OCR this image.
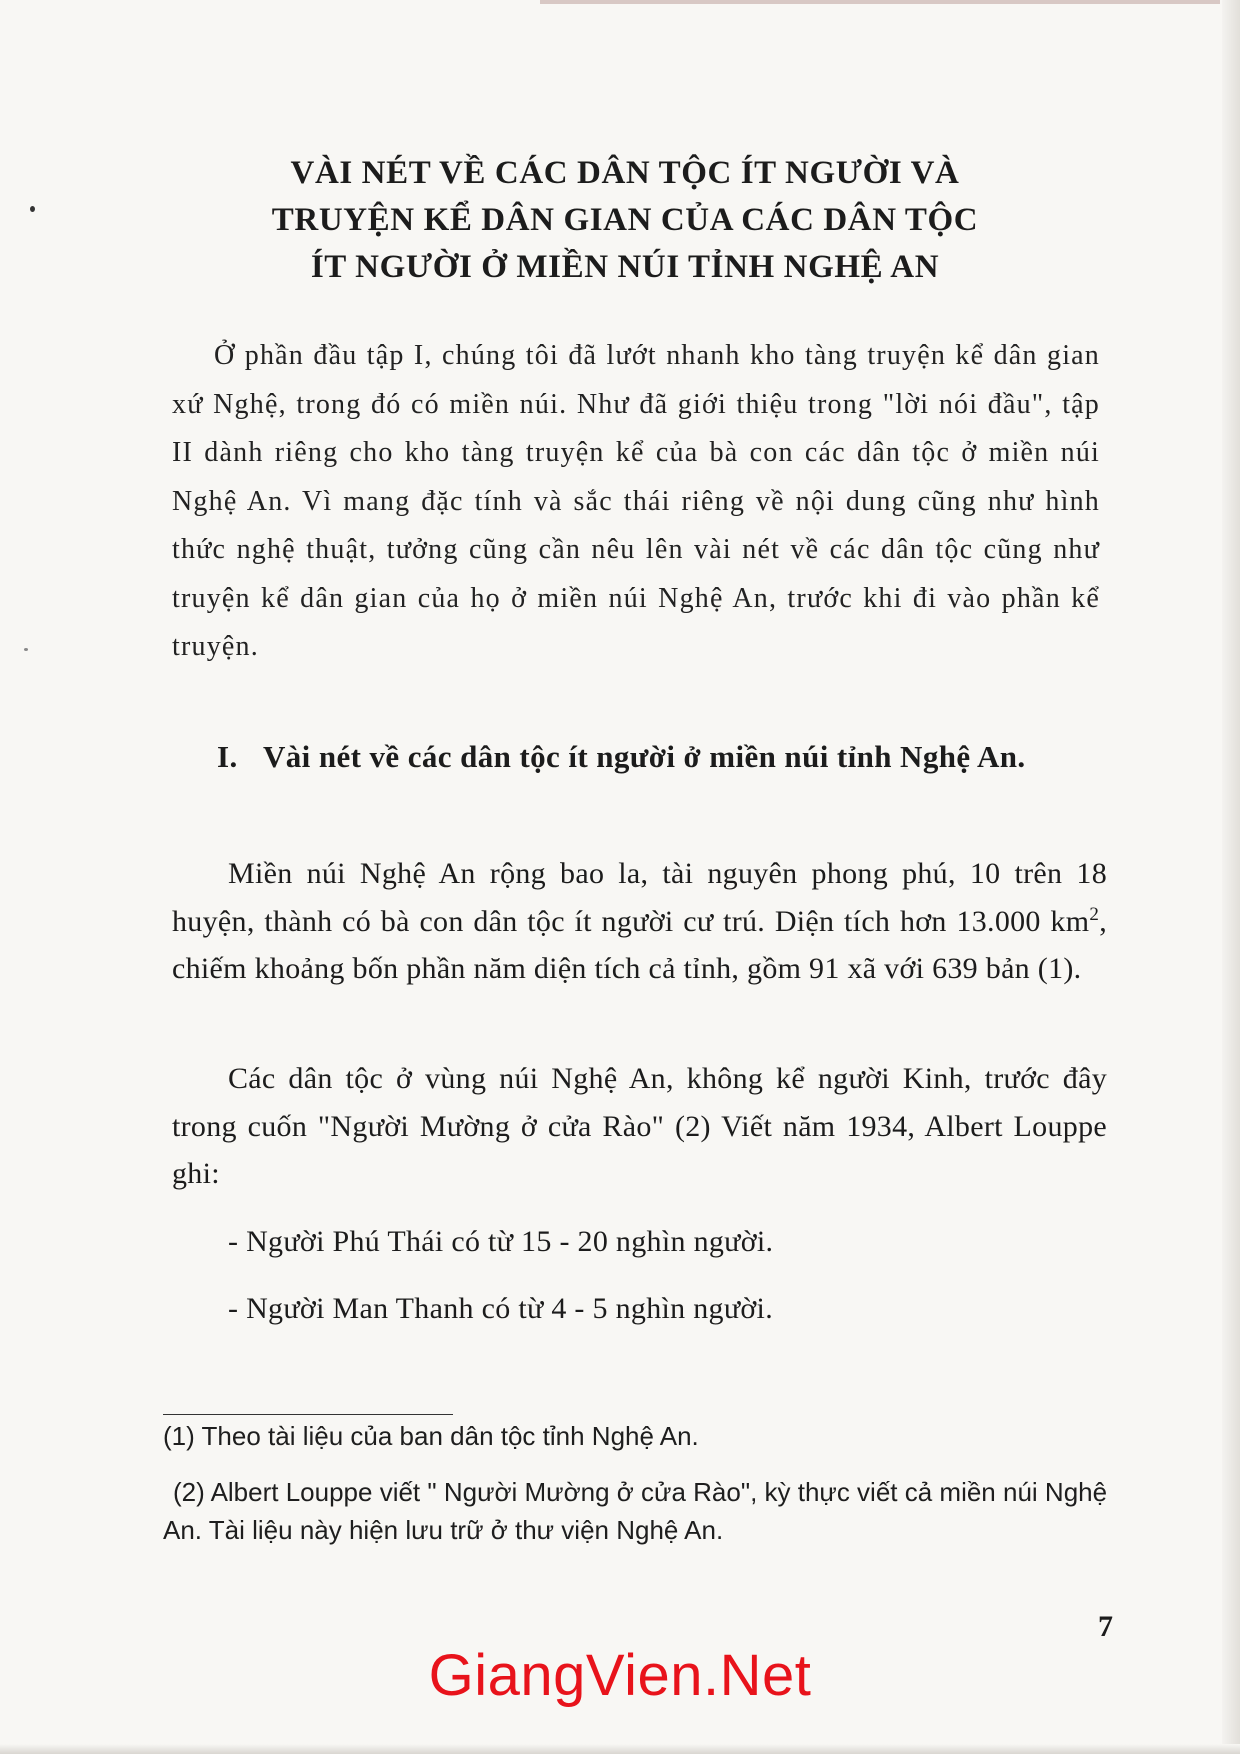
VÀI NÉT VỀ CÁC DÂN TỘC ÍT NGƯỜI VÀ
TRUYỆN KỂ DÂN GIAN CỦA CÁC DÂN TỘC
ÍT NGƯỜI Ở MIỀN NÚI TỈNH NGHỆ AN

Ở phần đầu tập I, chúng tôi đã lướt nhanh kho tàng truyện kể dân gian xứ Nghệ, trong đó có miền núi. Như đã giới thiệu trong "lời nói đầu", tập II dành riêng cho kho tàng truyện kể của bà con các dân tộc ở miền núi Nghệ An. Vì mang đặc tính và sắc thái riêng về nội dung cũng như hình thức nghệ thuật, tưởng cũng cần nêu lên vài nét về các dân tộc cũng như truyện kể dân gian của họ ở miền núi Nghệ An, trước khi đi vào phần kể truyện.

I. Vài nét về các dân tộc ít người ở miền núi tỉnh Nghệ An.

Miền núi Nghệ An rộng bao la, tài nguyên phong phú, 10 trên 18 huyện, thành có bà con dân tộc ít người cư trú. Diện tích hơn 13.000 $km^2$, chiếm khoảng bốn phần năm diện tích cả tỉnh, gồm 91 xã với 639 bản (1).

Các dân tộc ở vùng núi Nghệ An, không kể người Kinh, trước đây trong cuốn "Người Mường ở cửa Rào" (2) Viết năm 1934, Albert Louppe ghi:

- Người Phú Thái có từ 15 - 20 nghìn người.

- Người Man Thanh có từ 4 - 5 nghìn người.

(1) Theo tài liệu của ban dân tộc tỉnh Nghệ An.

(2) Albert Louppe viết " Người Mường ở cửa Rào", kỳ thực viết cả miền núi Nghệ An. Tài liệu này hiện lưu trữ ở thư viện Nghệ An.

7
GiangVien.Net
